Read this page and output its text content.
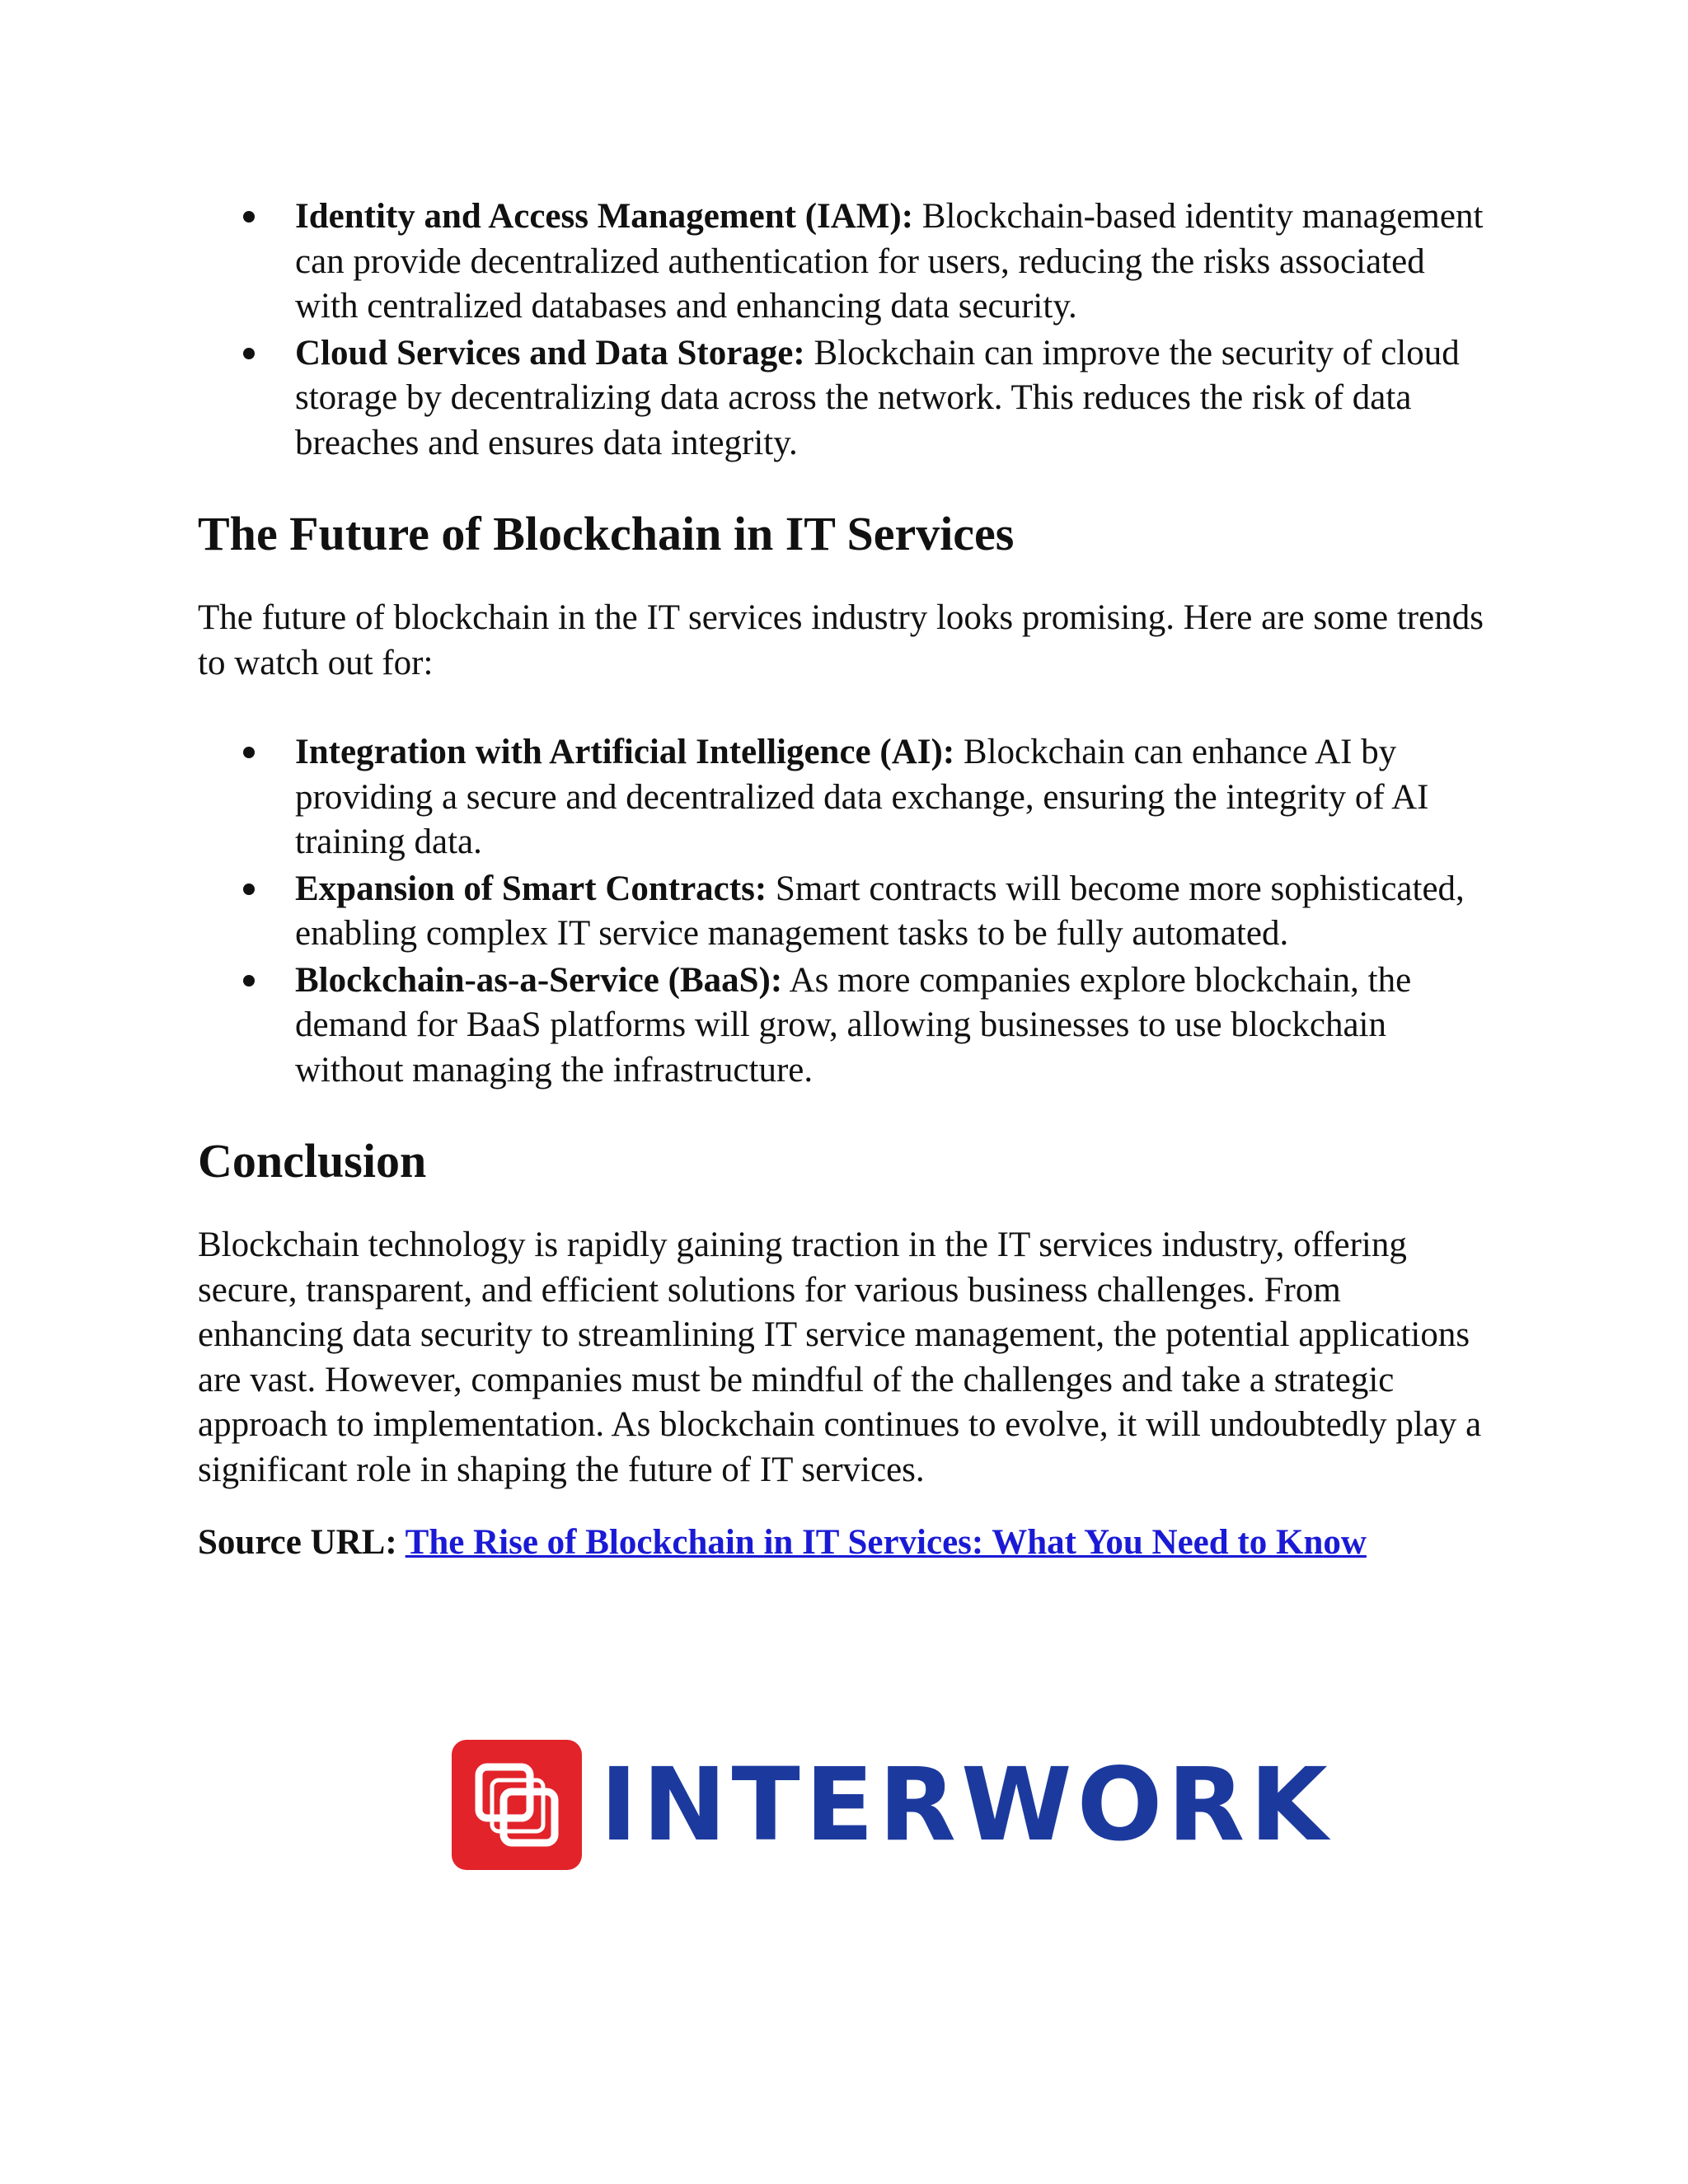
Identity and Access Management (IAM): Blockchain-based identity management can provide decentralized authentication for users, reducing the risks associated with centralized databases and enhancing data security.
Cloud Services and Data Storage: Blockchain can improve the security of cloud storage by decentralizing data across the network. This reduces the risk of data breaches and ensures data integrity.
The Future of Blockchain in IT Services

The future of blockchain in the IT services industry looks promising. Here are some trends to watch out for:

Integration with Artificial Intelligence (AI): Blockchain can enhance AI by providing a secure and decentralized data exchange, ensuring the integrity of AI training data.
Expansion of Smart Contracts: Smart contracts will become more sophisticated, enabling complex IT service management tasks to be fully automated.
Blockchain-as-a-Service (BaaS): As more companies explore blockchain, the demand for BaaS platforms will grow, allowing businesses to use blockchain without managing the infrastructure.
Conclusion

Blockchain technology is rapidly gaining traction in the IT services industry, offering secure, transparent, and efficient solutions for various business challenges. From enhancing data security to streamlining IT service management, the potential applications are vast. However, companies must be mindful of the challenges and take a strategic approach to implementation. As blockchain continues to evolve, it will undoubtedly play a significant role in shaping the future of IT services.

Source URL: The Rise of Blockchain in IT Services: What You Need to Know

INTERWORK
